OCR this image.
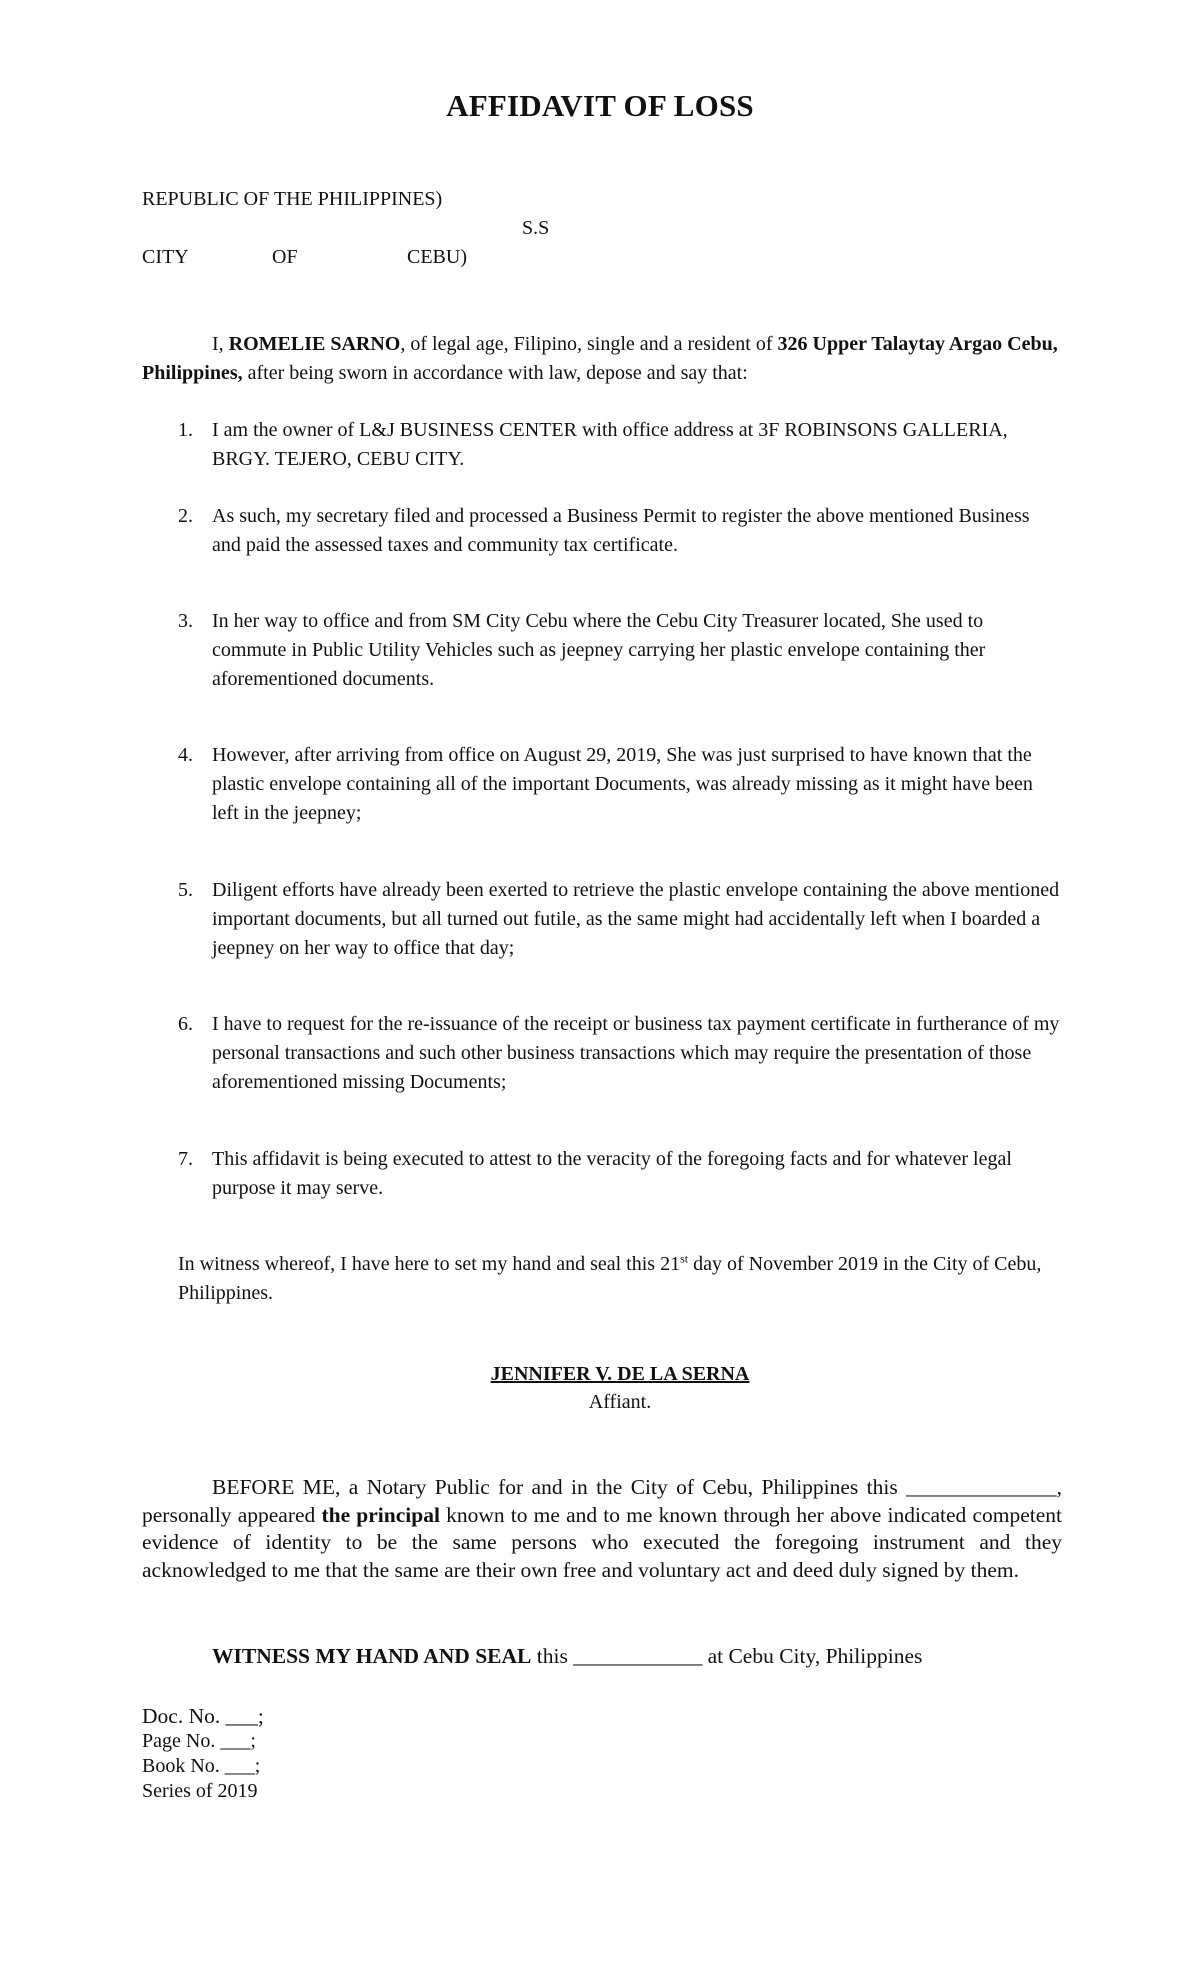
AFFIDAVIT OF LOSS
REPUBLIC OF THE PHILIPPINES)
S.S
CITY	OF	CEBU)

I, ROMELIE SARNO, of legal age, Filipino, single and a resident of 326 Upper Talaytay Argao Cebu, Philippines, after being sworn in accordance with law, depose and say that:

1. I am the owner of L&J BUSINESS CENTER with office address at 3F ROBINSONS GALLERIA, BRGY. TEJERO, CEBU CITY.
2. As such, my secretary filed and processed a Business Permit to register the above mentioned Business and paid the assessed taxes and community tax certificate.
3. In her way to office and from SM City Cebu where the Cebu City Treasurer located, She used to commute in Public Utility Vehicles such as jeepney carrying her plastic envelope containing ther aforementioned documents.
4. However, after arriving from office on August 29, 2019, She was just surprised to have known that the plastic envelope containing all of the important Documents, was already missing as it might have been left in the jeepney;
5. Diligent efforts have already been exerted to retrieve the plastic envelope containing the above mentioned important documents, but all turned out futile, as the same might had accidentally left when I boarded a jeepney on her way to office that day;
6. I have to request for the re-issuance of the receipt or business tax payment certificate in furtherance of my personal transactions and such other business transactions which may require the presentation of those aforementioned missing Documents;
7. This affidavit is being executed to attest to the veracity of the foregoing facts and for whatever legal purpose it may serve.
In witness whereof, I have here to set my hand and seal this 21st day of November 2019 in the City of Cebu, Philippines.
JENNIFER V. DE LA SERNA
Affiant.

BEFORE ME, a Notary Public for and in the City of Cebu, Philippines this ______________, personally appeared the principal known to me and to me known through her above indicated competent evidence of identity to be the same persons who executed the foregoing instrument and they acknowledged to me that the same are their own free and voluntary act and deed duly signed by them.

WITNESS MY HAND AND SEAL this ____________ at Cebu City, Philippines
Doc. No. ___;
Page No. ___;
Book No. ___;
Series of 2019
